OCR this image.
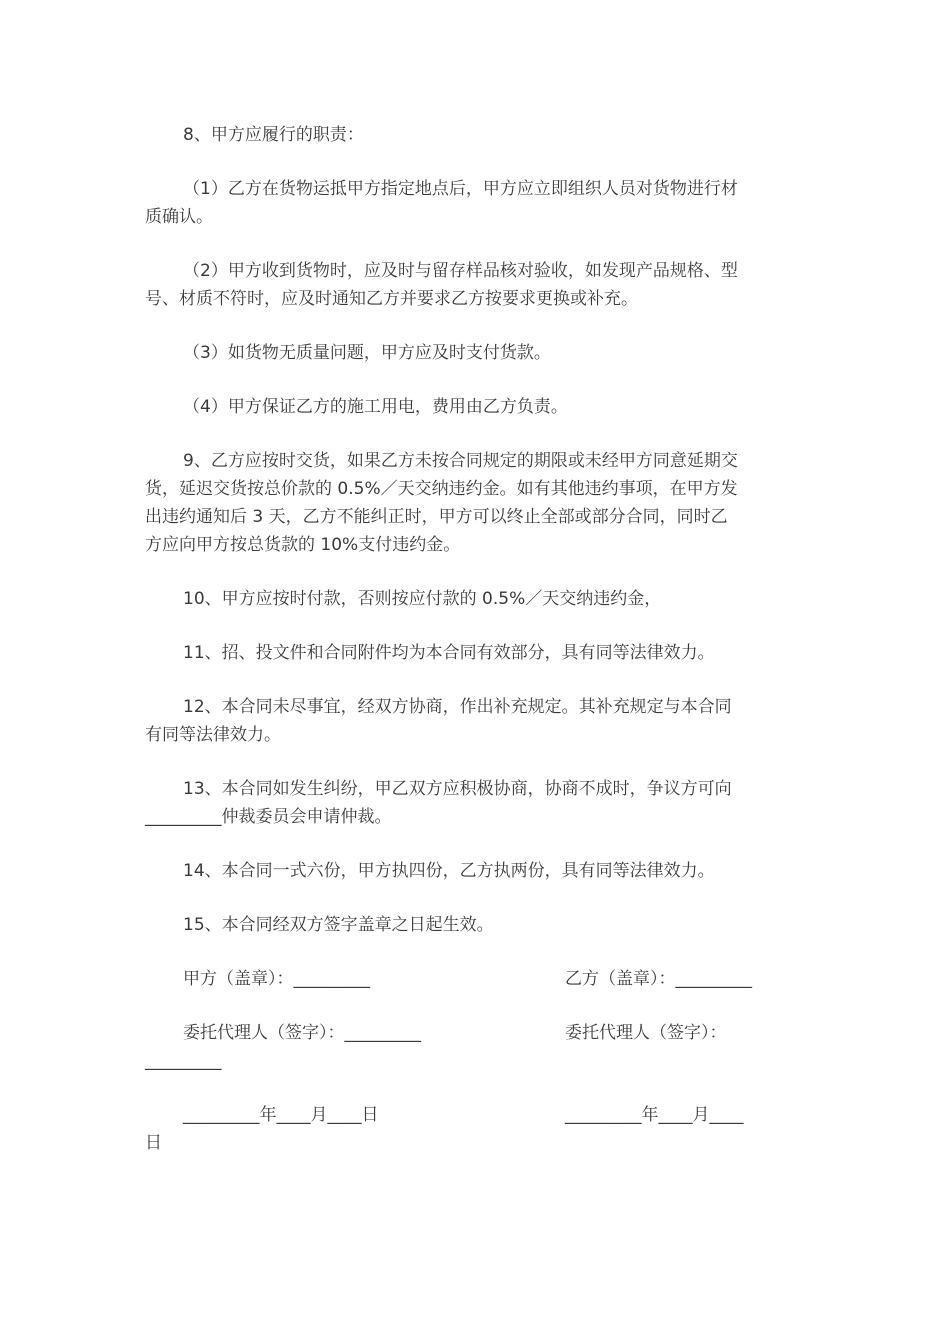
8、甲方应履行的职责：
（1）乙方在货物运抵甲方指定地点后，甲方应立即组织人员对货物进行材
质确认。
（2）甲方收到货物时，应及时与留存样品核对验收，如发现产品规格、型
号、材质不符时，应及时通知乙方并要求乙方按要求更换或补充。
（3）如货物无质量问题，甲方应及时支付货款。
（4）甲方保证乙方的施工用电，费用由乙方负责。
9、乙方应按时交货，如果乙方未按合同规定的期限或未经甲方同意延期交
货，延迟交货按总价款的 0.5%／天交纳违约金。如有其他违约事项，在甲方发
出违约通知后 3 天，乙方不能纠正时，甲方可以终止全部或部分合同，同时乙
方应向甲方按总货款的 10%支付违约金。
10、甲方应按时付款，否则按应付款的 0.5%／天交纳违约金，
11、招、投文件和合同附件均为本合同有效部分，具有同等法律效力。
12、本合同未尽事宜，经双方协商，作出补充规定。其补充规定与本合同
有同等法律效力。
13、本合同如发生纠纷，甲乙双方应积极协商，协商不成时，争议方可向
_________仲裁委员会申请仲裁。
14、本合同一式六份，甲方执四份，乙方执两份，具有同等法律效力。
15、本合同经双方签字盖章之日起生效。
甲方（盖章）：_________	乙方（盖章）：_________
委托代理人（签字）：_________	委托代理人（签字）：
_________
_________年____月____日	_________年____月____
日
